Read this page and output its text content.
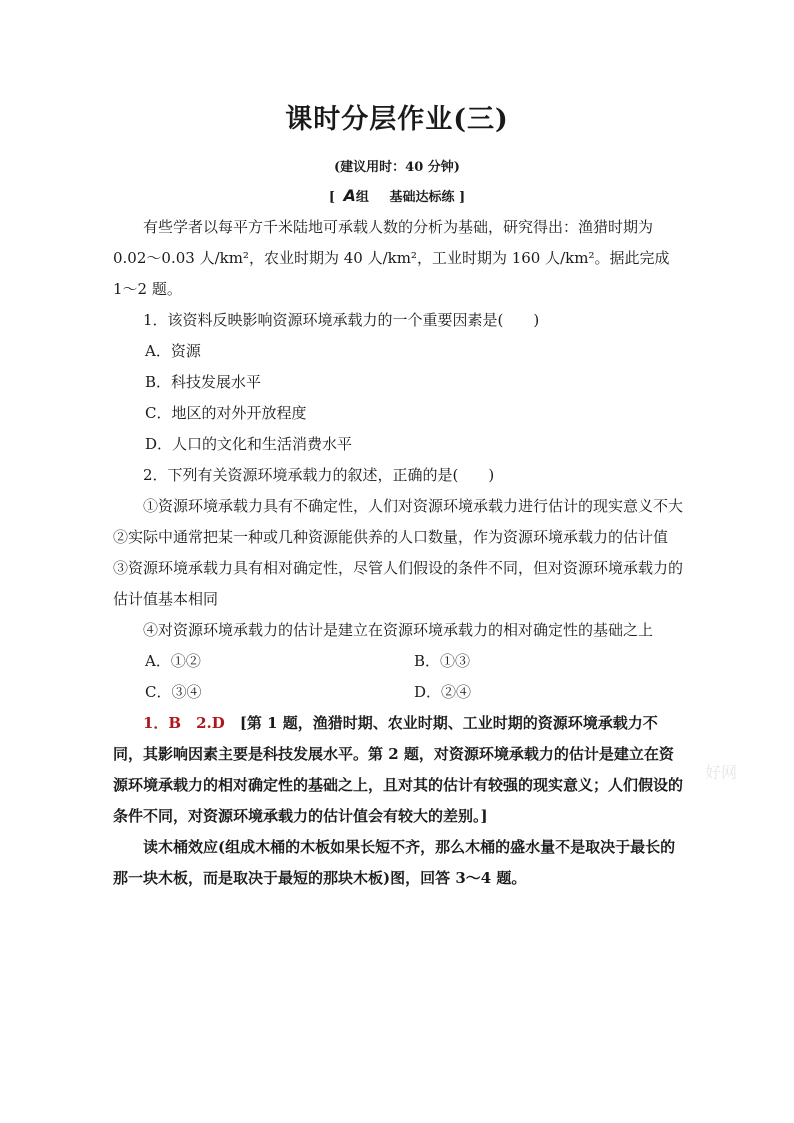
课时分层作业(三)
(建议用时：40 分钟)
[ A组 基础达标练 ]

有些学者以每平方千米陆地可承载人数的分析为基础，研究得出：渔猎时期为 0.02～0.03 人/km²，农业时期为 40 人/km²，工业时期为 160 人/km²。据此完成 1～2 题。

1．该资料反映影响资源环境承载力的一个重要因素是(　　)

A．资源

B．科技发展水平

C．地区的对外开放程度

D．人口的文化和生活消费水平

2．下列有关资源环境承载力的叙述，正确的是(　　)

①资源环境承载力具有不确定性，人们对资源环境承载力进行估计的现实意义不大　②实际中通常把某一种或几种资源能供养的人口数量，作为资源环境承载力的估计值　③资源环境承载力具有相对确定性，尽管人们假设的条件不同，但对资源环境承载力的估计值基本相同

④对资源环境承载力的估计是建立在资源环境承载力的相对确定性的基础之上

A．①②	B．①③
C．③④	D．②④

1．B　2.D　 [第 1 题，渔猎时期、农业时期、工业时期的资源环境承载力不同，其影响因素主要是科技发展水平。第 2 题，对资源环境承载力的估计是建立在资源环境承载力的相对确定性的基础之上，且对其的估计有较强的现实意义；人们假设的条件不同，对资源环境承载力的估计值会有较大的差别。]

读木桶效应(组成木桶的木板如果长短不齐，那么木桶的盛水量不是取决于最长的那一块木板，而是取决于最短的那块木板)图，回答 3～4 题。

好网
